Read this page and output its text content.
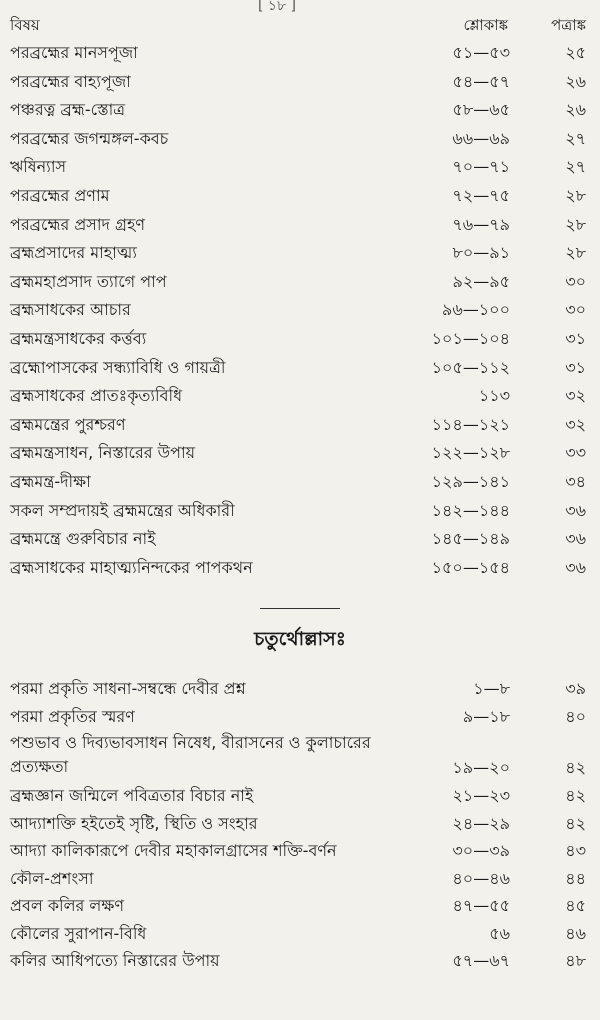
[ ১৮ ]
বিষয়	শ্লোকাঙ্ক	পত্রাঙ্ক
পরব্রহ্মের মানসপূজা	৫১—৫৩	২৫
পরব্রহ্মের বাহ্যপূজা	৫৪—৫৭	২৬
পঞ্চরত্ন ব্রহ্ম-স্তোত্র	৫৮—৬৫	২৬
পরব্রহ্মের জগন্মঙ্গল-কবচ	৬৬—৬৯	২৭
ঋষিন্যাস	৭০—৭১	২৭
পরব্রহ্মের প্রণাম	৭২—৭৫	২৮
পরব্রহ্মের প্রসাদ গ্রহণ	৭৬—৭৯	২৮
ব্রহ্মপ্রসাদের মাহাত্ম্য	৮০—৯১	২৮
ব্রহ্মমহাপ্রসাদ ত্যাগে পাপ	৯২—৯৫	৩০
ব্রহ্মসাধকের আচার	৯৬—১০০	৩০
ব্রহ্মমন্ত্রসাধকের কর্ত্তব্য	১০১—১০৪	৩১
ব্রহ্মোপাসকের সন্ধ্যাবিধি ও গায়ত্রী	১০৫—১১২	৩১
ব্রহ্মসাধকের প্রাতঃকৃত্যবিধি	১১৩	৩২
ব্রহ্মমন্ত্রের পুরশ্চরণ	১১৪—১২১	৩২
ব্রহ্মমন্ত্রসাধন, নিস্তারের উপায়	১২২—১২৮	৩৩
ব্রহ্মমন্ত্র-দীক্ষা	১২৯—১৪১	৩৪
সকল সম্প্রদায়ই ব্রহ্মমন্ত্রের অধিকারী	১৪২—১৪৪	৩৬
ব্রহ্মমন্ত্রে গুরুবিচার নাই	১৪৫—১৪৯	৩৬
ব্রহ্মসাধকের মাহাত্ম্যনিন্দকের পাপকথন	১৫০—১৫৪	৩৬
চতুর্থোল্লাসঃ
পরমা প্রকৃতি সাধনা-সম্বন্ধে দেবীর প্রশ্ন	১—৮	৩৯
পরমা প্রকৃতির স্মরণ	৯—১৮	৪০
পশুভাব ও দিব্যভাবসাধন নিষেধ, বীরাসনের ও কুলাচারের প্রত্যক্ষতা	১৯—২০	৪২
ব্রহ্মজ্ঞান জন্মিলে পবিত্রতার বিচার নাই	২১—২৩	৪২
আদ্যাশক্তি হইতেই সৃষ্টি, স্থিতি ও সংহার	২৪—২৯	৪২
আদ্যা কালিকারূপে দেবীর মহাকালগ্রাসের শক্তি-বর্ণন	৩০—৩৯	৪৩
কৌল-প্রশংসা	৪০—৪৬	৪৪
প্রবল কলির লক্ষণ	৪৭—৫৫	৪৫
কৌলের সুরাপান-বিধি	৫৬	৪৬
কলির আধিপত্যে নিস্তারের উপায়	৫৭—৬৭	৪৮
